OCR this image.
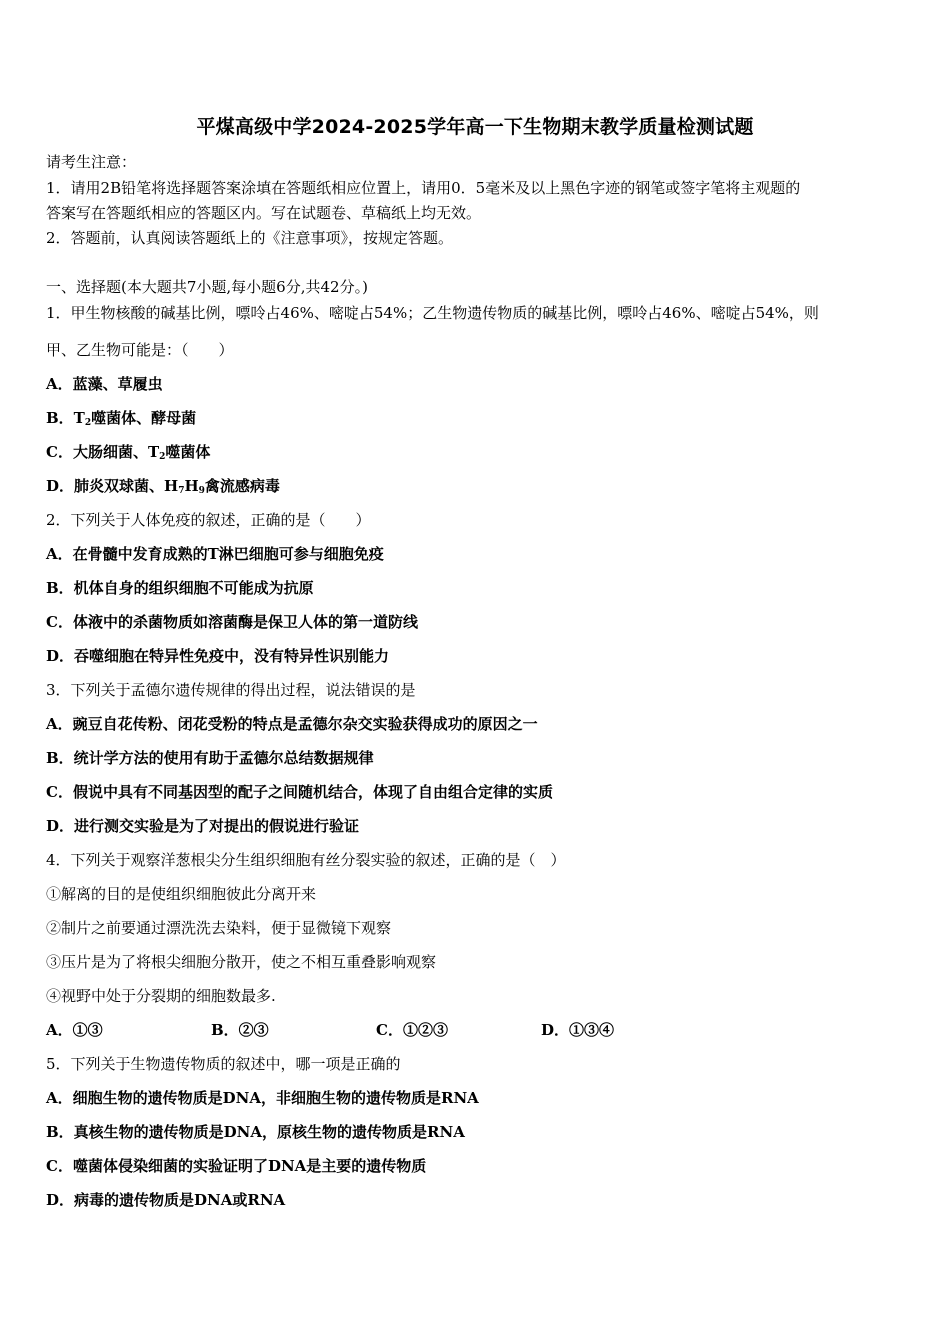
平煤高级中学2024-2025学年高一下生物期末教学质量检测试题
请考生注意：
1．请用2B铅笔将选择题答案涂填在答题纸相应位置上，请用0．5毫米及以上黑色字迹的钢笔或签字笔将主观题的
答案写在答题纸相应的答题区内。写在试题卷、草稿纸上均无效。
2．答题前，认真阅读答题纸上的《注意事项》，按规定答题。
一、选择题(本大题共7小题,每小题6分,共42分。)
1．甲生物核酸的碱基比例，嘌呤占46%、嘧啶占54%；乙生物遗传物质的碱基比例，嘌呤占46%、嘧啶占54%，则
甲、乙生物可能是：（　　）
A．蓝藻、草履虫
B．$T_2$噬菌体、酵母菌
C．大肠细菌、$T_2$噬菌体
D．肺炎双球菌、$H_7H_9$禽流感病毒
2．下列关于人体免疫的叙述，正确的是（　　）
A．在骨髓中发育成熟的T淋巴细胞可参与细胞免疫
B．机体自身的组织细胞不可能成为抗原
C．体液中的杀菌物质如溶菌酶是保卫人体的第一道防线
D．吞噬细胞在特异性免疫中，没有特异性识别能力
3．下列关于孟德尔遗传规律的得出过程，说法错误的是
A．豌豆自花传粉、闭花受粉的特点是孟德尔杂交实验获得成功的原因之一
B．统计学方法的使用有助于孟德尔总结数据规律
C．假说中具有不同基因型的配子之间随机结合，体现了自由组合定律的实质
D．进行测交实验是为了对提出的假说进行验证
4．下列关于观察洋葱根尖分生组织细胞有丝分裂实验的叙述，正确的是（　）
①解离的目的是使组织细胞彼此分离开来
②制片之前要通过漂洗洗去染料，便于显微镜下观察
③压片是为了将根尖细胞分散开，使之不相互重叠影响观察
④视野中处于分裂期的细胞数最多.
A．①③	B．②③	C．①②③	D．①③④
5．下列关于生物遗传物质的叙述中，哪一项是正确的
A．细胞生物的遗传物质是DNA，非细胞生物的遗传物质是RNA
B．真核生物的遗传物质是DNA，原核生物的遗传物质是RNA
C．噬菌体侵染细菌的实验证明了DNA是主要的遗传物质
D．病毒的遗传物质是DNA或RNA
